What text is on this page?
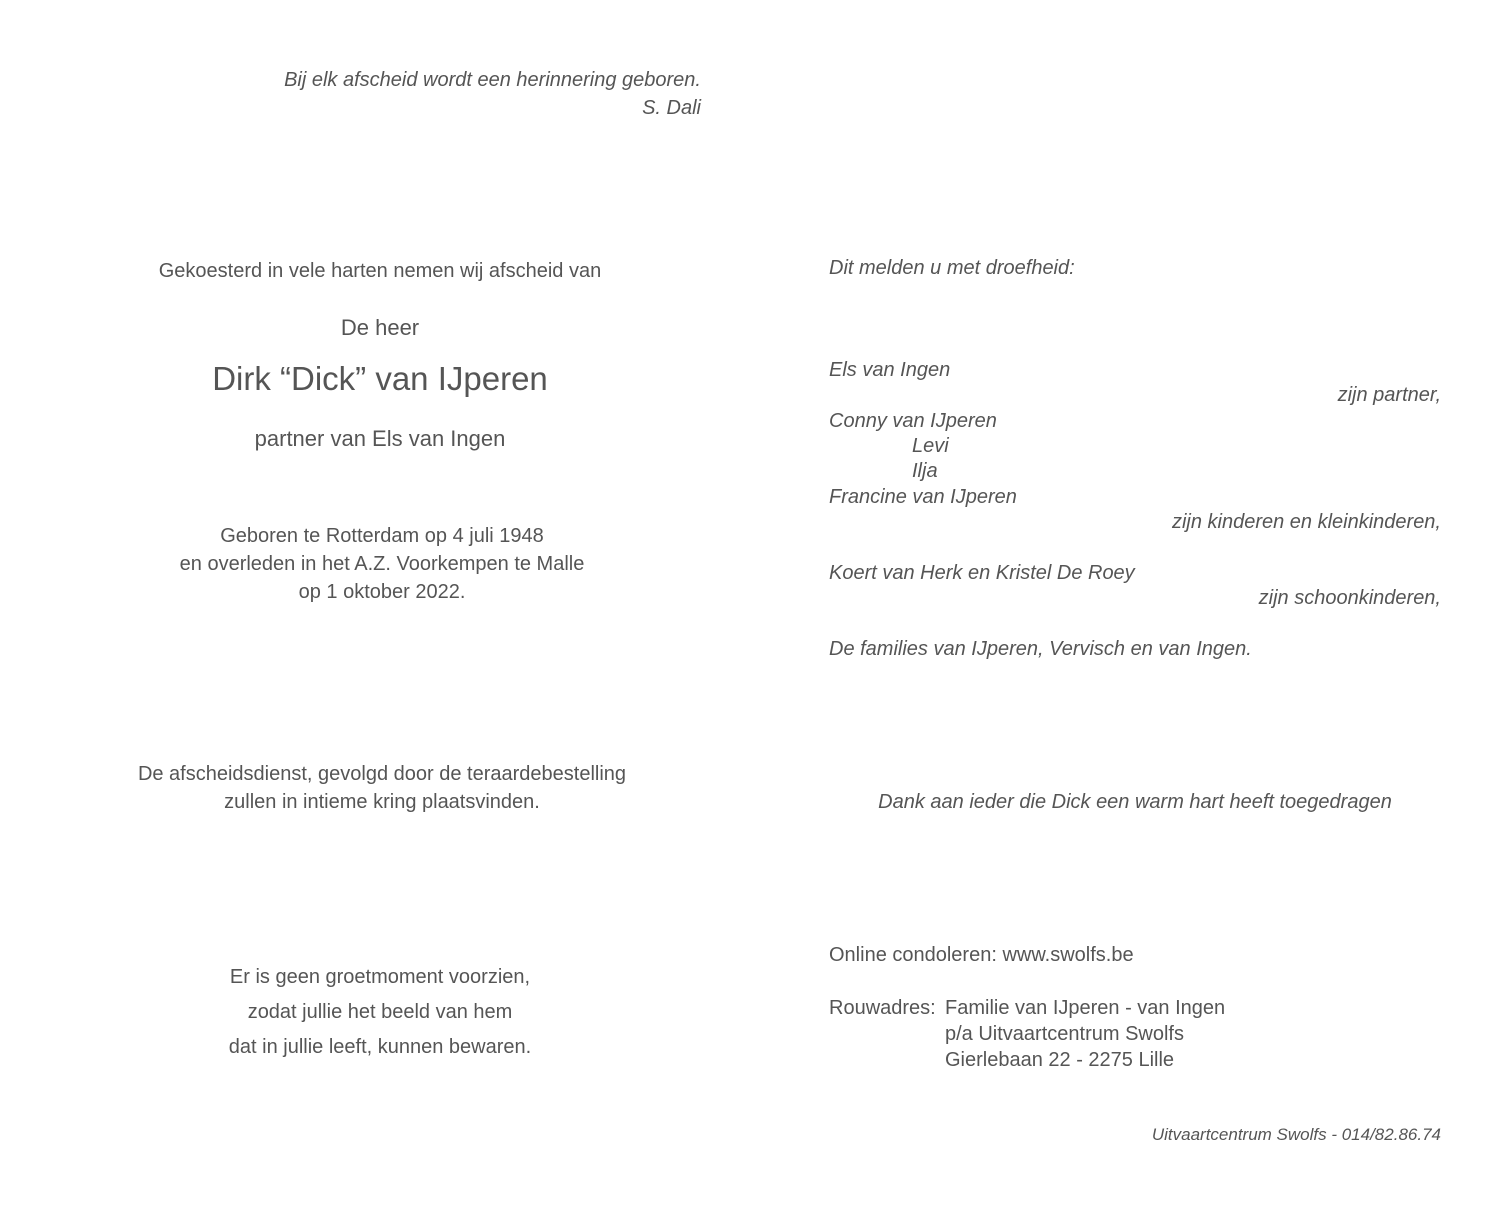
Bij elk afscheid wordt een herinnering geboren.
S. Dali
Gekoesterd in vele harten nemen wij afscheid van
De heer
Dirk “Dick” van IJperen
partner van Els van Ingen
Geboren te Rotterdam op 4 juli 1948
en overleden in het A.Z. Voorkempen te Malle
op 1 oktober 2022.
De afscheidsdienst, gevolgd door de teraardebestelling
zullen in intieme kring plaatsvinden.
Er is geen groetmoment voorzien,
zodat jullie het beeld van hem
dat in jullie leeft, kunnen bewaren.
Dit melden u met droefheid:
Els van Ingen
zijn partner,
Conny van IJperen
Levi
Ilja
Francine van IJperen
zijn kinderen en kleinkinderen,
Koert van Herk en Kristel De Roey
zijn schoonkinderen,
De families van IJperen, Vervisch en van Ingen.
Dank aan ieder die Dick een warm hart heeft toegedragen
Online condoleren: www.swolfs.be
Rouwadres: Familie van IJperen - van Ingen
p/a Uitvaartcentrum Swolfs
Gierlebaan 22 - 2275 Lille
Uitvaartcentrum Swolfs - 014/82.86.74
